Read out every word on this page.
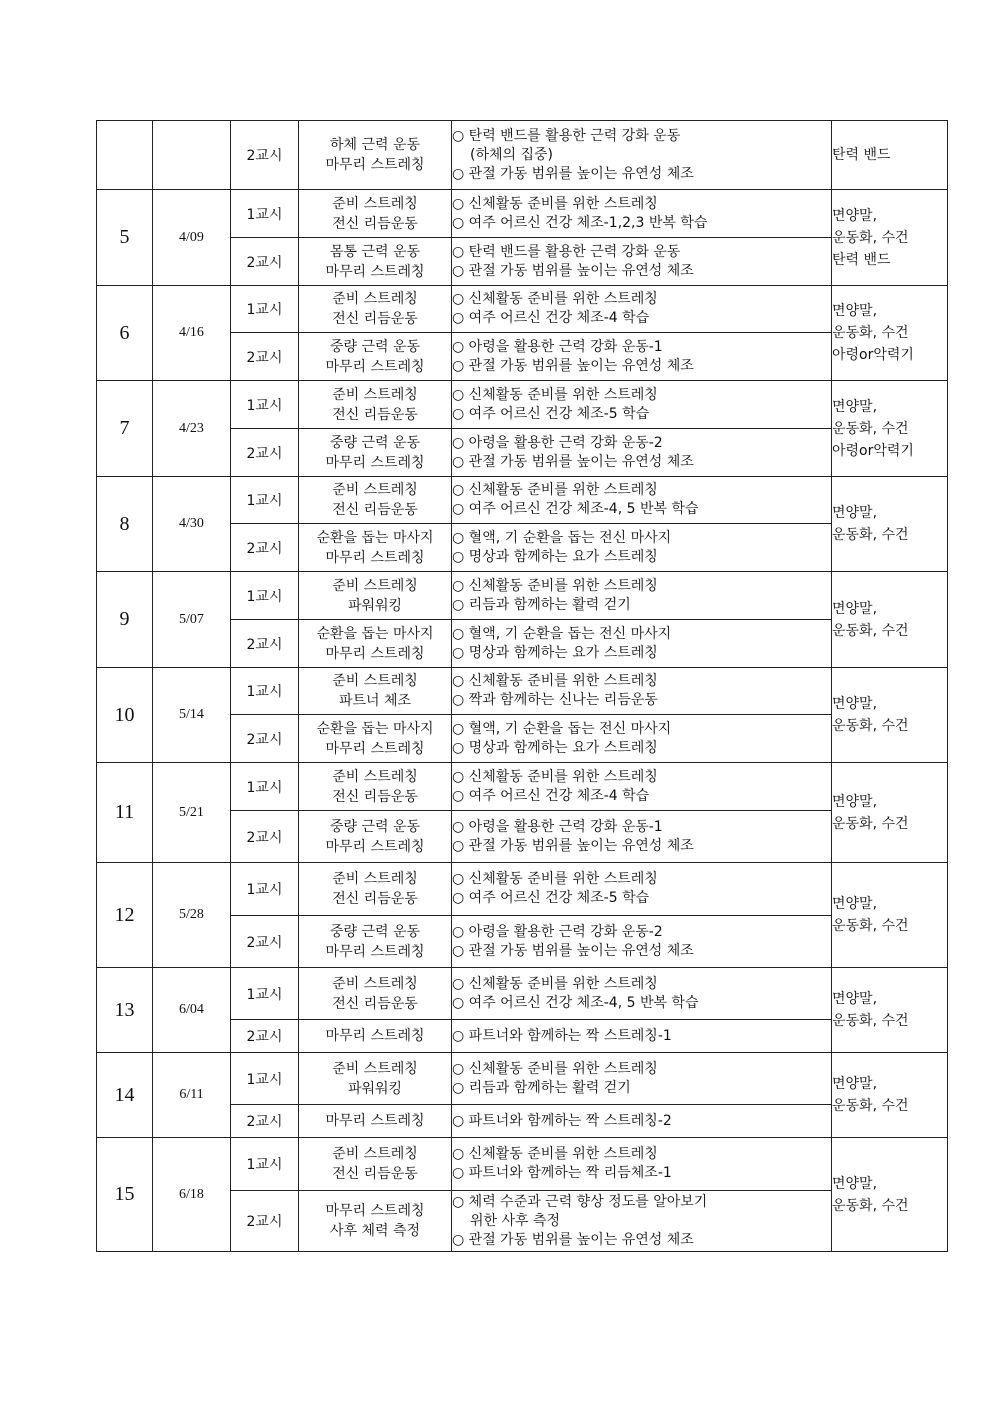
		2교시	하체 근력 운동
마무리 스트레칭	○ 탄력 밴드를 활용한 근력 강화 운동
(하체의 집중)
○ 관절 가동 범위를 높이는 유연성 체조	탄력 밴드

5	4/09	1교시	준비 스트레칭
전신 리듬운동	○ 신체활동 준비를 위한 스트레칭
○ 여주 어르신 건강 체조-1,2,3 반복 학습	면양말,
운동화, 수건
탄력 밴드

		2교시	몸통 근력 운동
마무리 스트레칭	○ 탄력 밴드를 활용한 근력 강화 운동
○ 관절 가동 범위를 높이는 유연성 체조	

6	4/16	1교시	준비 스트레칭
전신 리듬운동	○ 신체활동 준비를 위한 스트레칭
○ 여주 어르신 건강 체조-4 학습	면양말,
운동화, 수건
아령or악력기

		2교시	중량 근력 운동
마무리 스트레칭	○ 아령을 활용한 근력 강화 운동-1
○ 관절 가동 범위를 높이는 유연성 체조	

7	4/23	1교시	준비 스트레칭
전신 리듬운동	○ 신체활동 준비를 위한 스트레칭
○ 여주 어르신 건강 체조-5 학습	면양말,
운동화, 수건
아령or악력기

		2교시	중량 근력 운동
마무리 스트레칭	○ 아령을 활용한 근력 강화 운동-2
○ 관절 가동 범위를 높이는 유연성 체조	

8	4/30	1교시	준비 스트레칭
전신 리듬운동	○ 신체활동 준비를 위한 스트레칭
○ 여주 어르신 건강 체조-4, 5 반복 학습	면양말,
운동화, 수건

		2교시	순환을 돕는 마사지
마무리 스트레칭	○ 혈액, 기 순환을 돕는 전신 마사지
○ 명상과 함께하는 요가 스트레칭	

9	5/07	1교시	준비 스트레칭
파워워킹	○ 신체활동 준비를 위한 스트레칭
○ 리듬과 함께하는 활력 걷기	면양말,
운동화, 수건

		2교시	순환을 돕는 마사지
마무리 스트레칭	○ 혈액, 기 순환을 돕는 전신 마사지
○ 명상과 함께하는 요가 스트레칭	

10	5/14	1교시	준비 스트레칭
파트너 체조	○ 신체활동 준비를 위한 스트레칭
○ 짝과 함께하는 신나는 리듬운동	면양말,
운동화, 수건

		2교시	순환을 돕는 마사지
마무리 스트레칭	○ 혈액, 기 순환을 돕는 전신 마사지
○ 명상과 함께하는 요가 스트레칭	

11	5/21	1교시	준비 스트레칭
전신 리듬운동	○ 신체활동 준비를 위한 스트레칭
○ 여주 어르신 건강 체조-4 학습	면양말,
운동화, 수건

		2교시	중량 근력 운동
마무리 스트레칭	○ 아령을 활용한 근력 강화 운동-1
○ 관절 가동 범위를 높이는 유연성 체조	

12	5/28	1교시	준비 스트레칭
전신 리듬운동	○ 신체활동 준비를 위한 스트레칭
○ 여주 어르신 건강 체조-5 학습	면양말,
운동화, 수건

		2교시	중량 근력 운동
마무리 스트레칭	○ 아령을 활용한 근력 강화 운동-2
○ 관절 가동 범위를 높이는 유연성 체조	

13	6/04	1교시	준비 스트레칭
전신 리듬운동	○ 신체활동 준비를 위한 스트레칭
○ 여주 어르신 건강 체조-4, 5 반복 학습	면양말,
운동화, 수건

		2교시	마무리 스트레칭	○ 파트너와 함께하는 짝 스트레칭-1	

14	6/11	1교시	준비 스트레칭
파워워킹	○ 신체활동 준비를 위한 스트레칭
○ 리듬과 함께하는 활력 걷기	면양말,
운동화, 수건

		2교시	마무리 스트레칭	○ 파트너와 함께하는 짝 스트레칭-2	

15	6/18	1교시	준비 스트레칭
전신 리듬운동	○ 신체활동 준비를 위한 스트레칭
○ 파트너와 함께하는 짝 리듬체조-1	면양말,
운동화, 수건

		2교시	마무리 스트레칭
사후 체력 측정	○ 체력 수준과 근력 향상 정도를 알아보기
위한 사후 측정
○ 관절 가동 범위를 높이는 유연성 체조	
